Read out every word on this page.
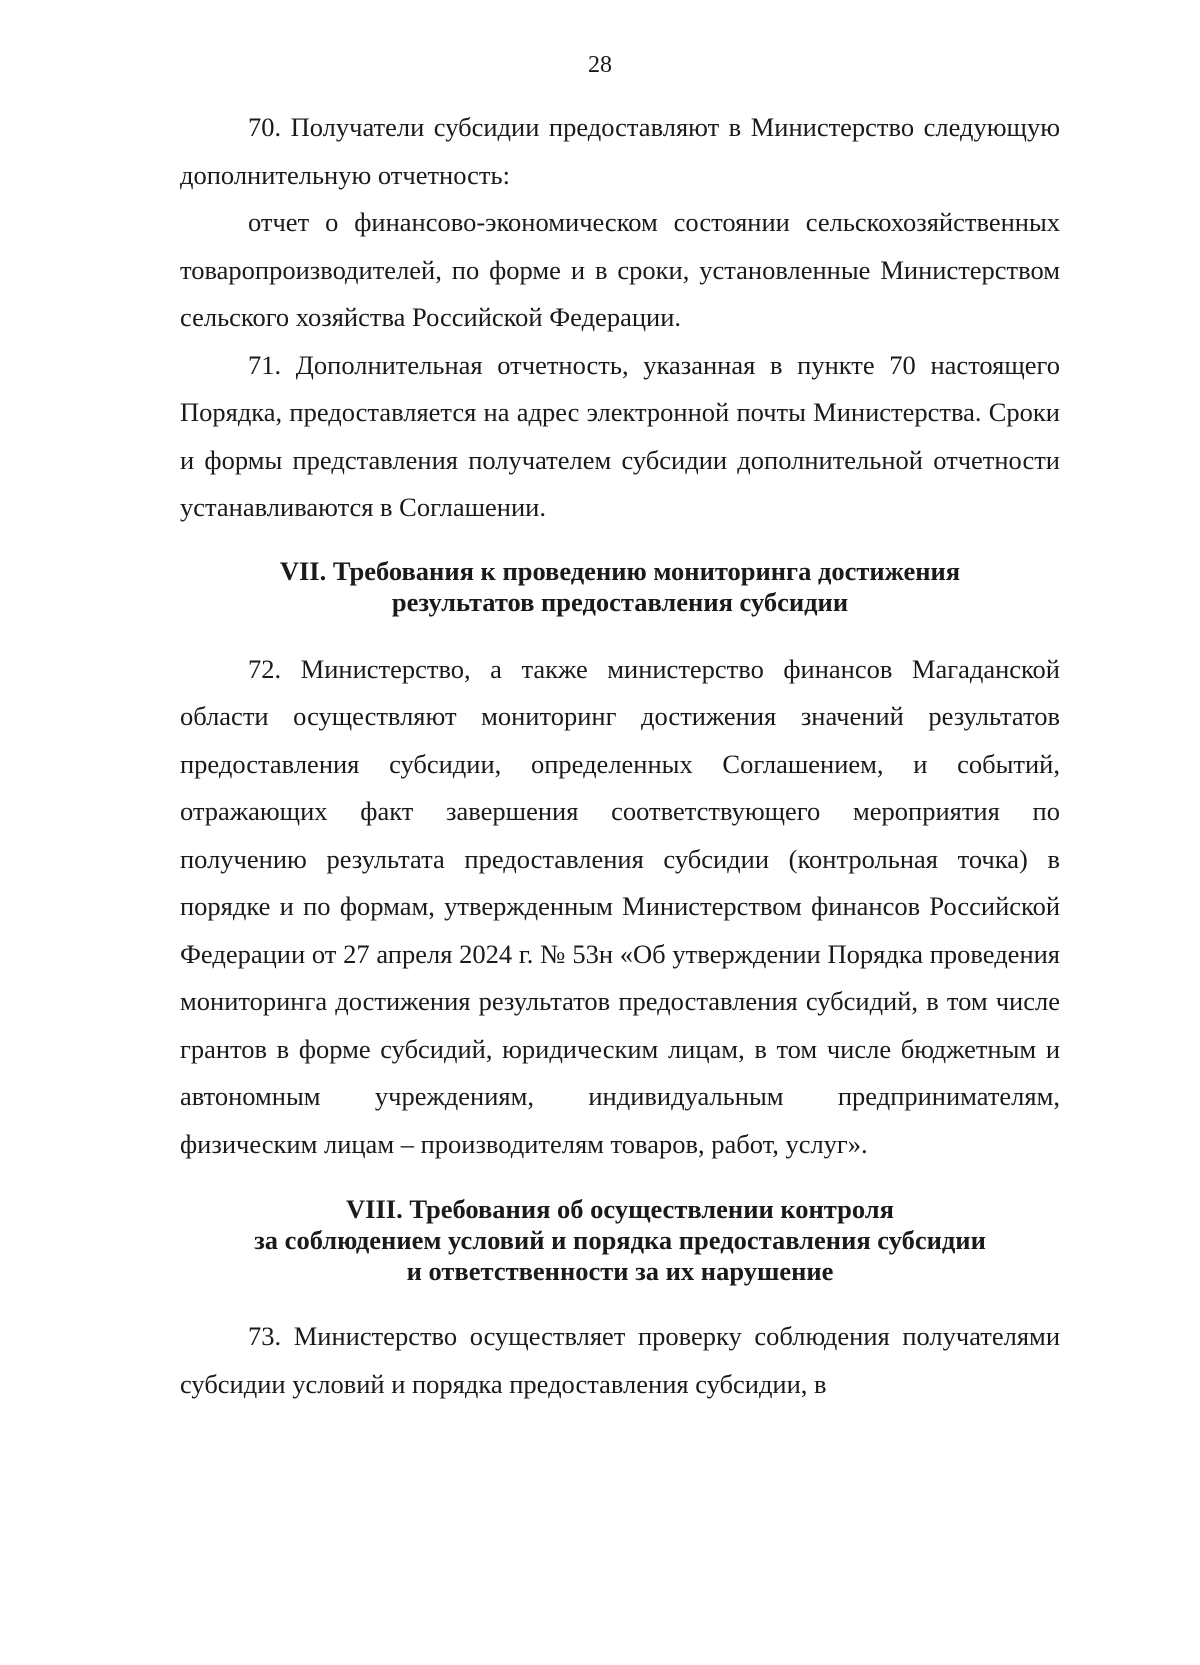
28

70. Получатели субсидии предоставляют в Министерство следующую дополнительную отчетность:

отчет о финансово-экономическом состоянии сельскохозяйственных товаропроизводителей, по форме и в сроки, установленные Министерством сельского хозяйства Российской Федерации.

71. Дополнительная отчетность, указанная в пункте 70 настоящего Порядка, предоставляется на адрес электронной почты Министерства. Сроки и формы представления получателем субсидии дополнительной отчетности устанавливаются в Соглашении.

VII. Требования к проведению мониторинга достижения
результатов предоставления субсидии

72. Министерство, а также министерство финансов Магаданской области осуществляют мониторинг достижения значений результатов предоставления субсидии, определенных Соглашением, и событий, отражающих факт завершения соответствующего мероприятия по получению результата предоставления субсидии (контрольная точка) в порядке и по формам, утвержденным Министерством финансов Российской Федерации от 27 апреля 2024 г. № 53н «Об утверждении Порядка проведения мониторинга достижения результатов предоставления субсидий, в том числе грантов в форме субсидий, юридическим лицам, в том числе бюджетным и автономным учреждениям, индивидуальным предпринимателям, физическим лицам – производителям товаров, работ, услуг».

VIII. Требования об осуществлении контроля
за соблюдением условий и порядка предоставления субсидии
и ответственности за их нарушение

73. Министерство осуществляет проверку соблюдения получателями субсидии условий и порядка предоставления субсидии, в
